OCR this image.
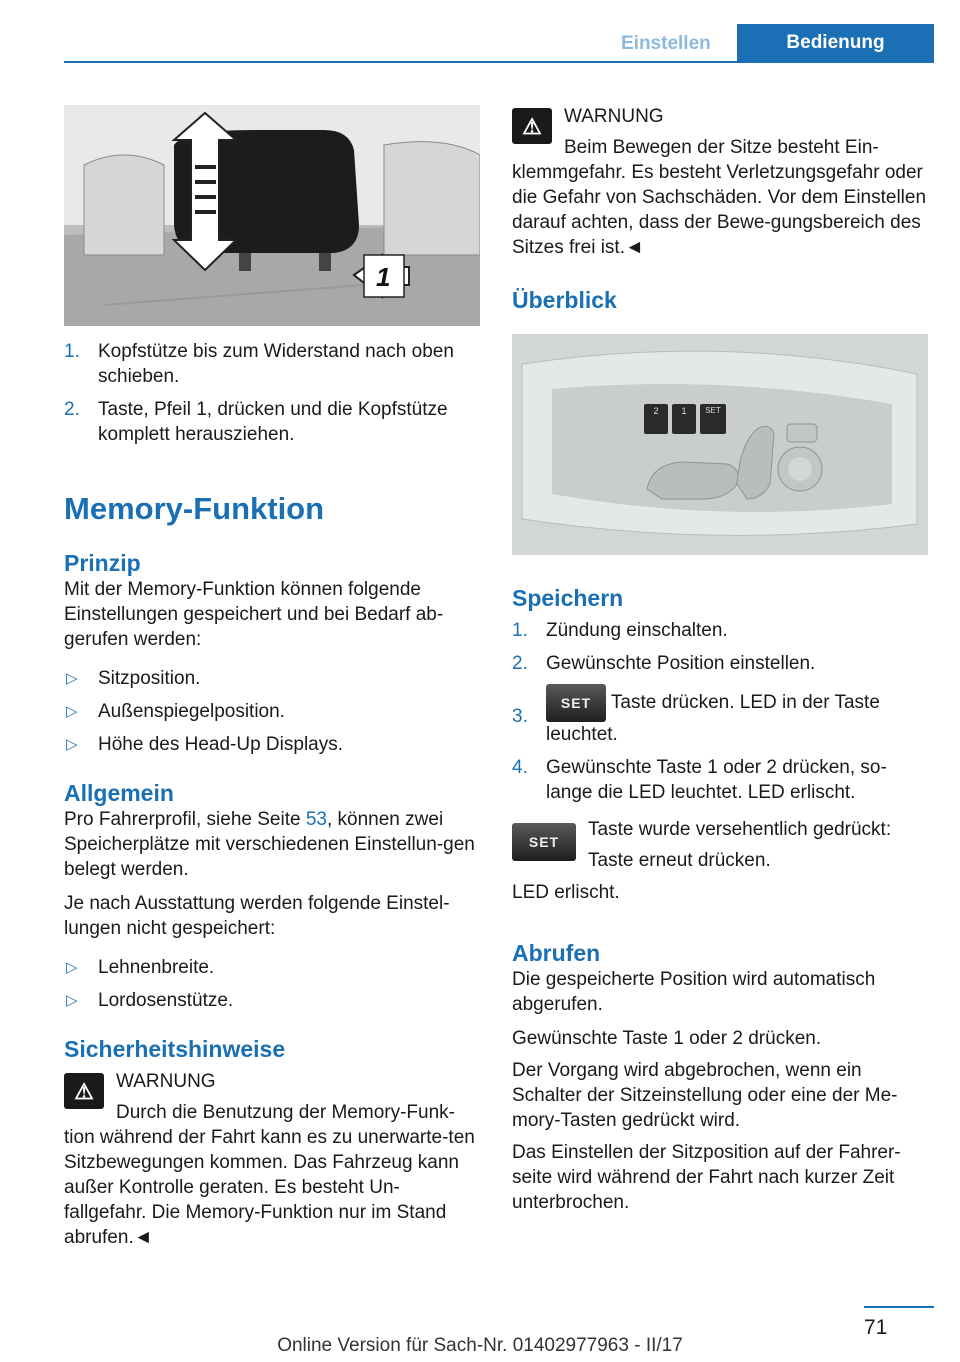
Einstellen	Bedienung
1
1. Kopfstütze bis zum Widerstand nach oben schieben.
2. Taste, Pfeil 1, drücken und die Kopfstütze komplett herausziehen.
Memory-Funktion
Prinzip

Mit der Memory-Funktion können folgende Einstellungen gespeichert und bei Bedarf ab‐gerufen werden:

▷ Sitzposition.
▷ Außenspiegelposition.
▷ Höhe des Head-Up Displays.
Allgemein

Pro Fahrerprofil, siehe Seite 53, können zwei Speicherplätze mit verschiedenen Einstellun‐gen belegt werden.

Je nach Ausstattung werden folgende Einstel‐lungen nicht gespeichert:

▷ Lehnenbreite.
▷ Lordosenstütze.
Sicherheitshinweise
⚠	WARNUNG

Durch die Benutzung der Memory-Funk‐tion während der Fahrt kann es zu unerwarte‐ten Sitzbewegungen kommen. Das Fahrzeug kann außer Kontrolle geraten. Es besteht Un‐fallgefahr. Die Memory-Funktion nur im Stand abrufen.◄

⚠	WARNUNG

Beim Bewegen der Sitze besteht Ein‐klemmgefahr. Es besteht Verletzungsgefahr oder die Gefahr von Sachschäden. Vor dem Einstellen darauf achten, dass der Bewe‐gungsbereich des Sitzes frei ist.◄

Überblick
2	1	SET
Speichern
1. Zündung einschalten.
2. Gewünschte Position einstellen.
3.
SET Taste drücken. LED in der Taste leuchtet.
4. Gewünschte Taste 1 oder 2 drücken, so‐lange die LED leuchtet. LED erlischt.
SET

Taste wurde versehentlich gedrückt:

Taste erneut drücken.

LED erlischt.

Abrufen

Die gespeicherte Position wird automatisch abgerufen.

Gewünschte Taste 1 oder 2 drücken.

Der Vorgang wird abgebrochen, wenn ein Schalter der Sitzeinstellung oder eine der Me‐mory-Tasten gedrückt wird.

Das Einstellen der Sitzposition auf der Fahrer‐seite wird während der Fahrt nach kurzer Zeit unterbrochen.

71
Online Version für Sach-Nr. 01402977963 - II/17
